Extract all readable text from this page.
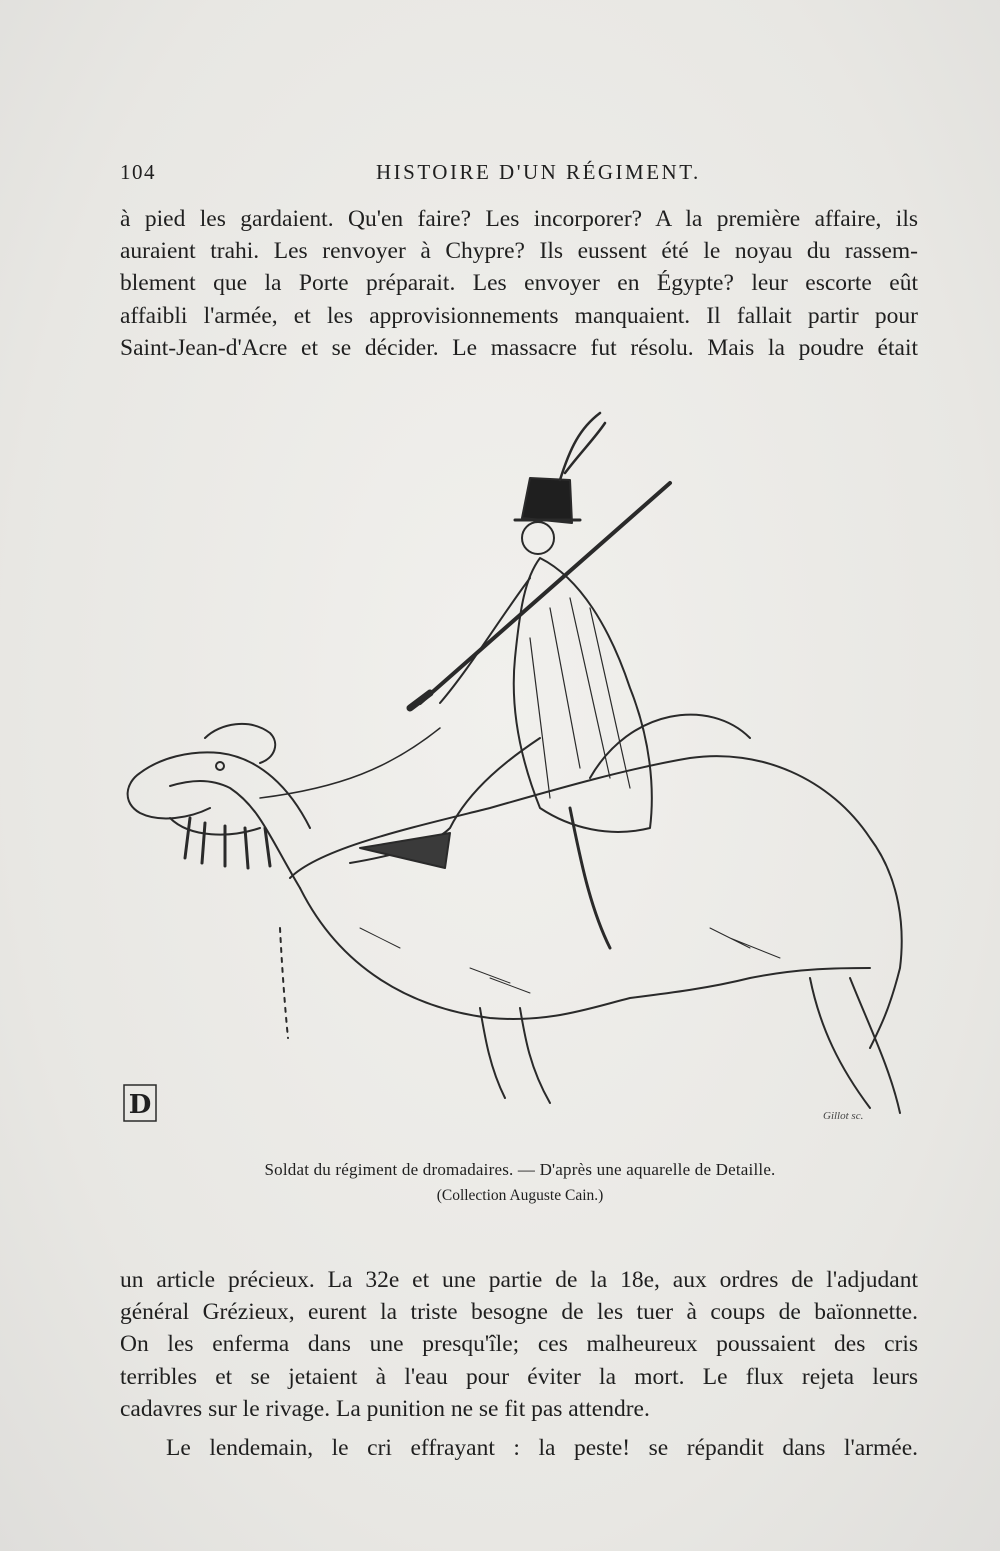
104	HISTOIRE D'UN RÉGIMENT.
à pied les gardaient. Qu'en faire? Les incorporer? A la première affaire, ils
auraient trahi. Les renvoyer à Chypre? Ils eussent été le noyau du rassem-
blement que la Porte préparait. Les envoyer en Égypte? leur escorte eût
affaibli l'armée, et les approvisionnements manquaient. Il fallait partir pour
Saint-Jean-d'Acre et se décider. Le massacre fut résolu. Mais la poudre était
D	Gillot sc.
Soldat du régiment de dromadaires. — D'après une aquarelle de Detaille.
(Collection Auguste Cain.)
un article précieux. La 32e et une partie de la 18e, aux ordres de l'adjudant
général Grézieux, eurent la triste besogne de les tuer à coups de baïonnette.
On les enferma dans une presqu'île; ces malheureux poussaient des cris
terribles et se jetaient à l'eau pour éviter la mort. Le flux rejeta leurs
cadavres sur le rivage. La punition ne se fit pas attendre.
Le lendemain, le cri effrayant : la peste! se répandit dans l'armée.
